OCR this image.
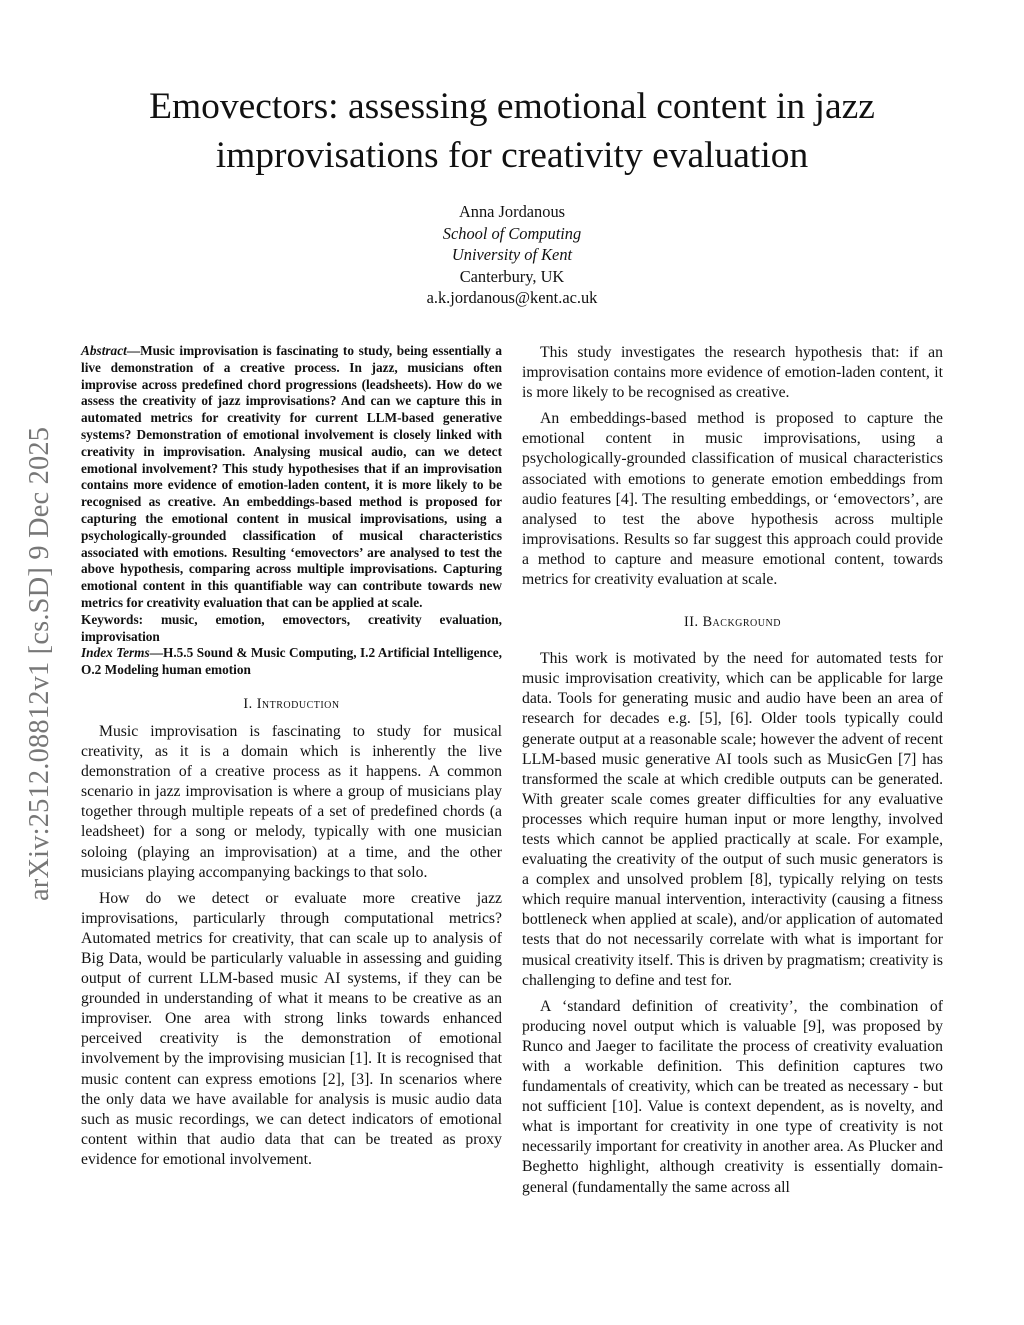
arXiv:2512.08812v1 [cs.SD] 9 Dec 2025
Emovectors: assessing emotional content in jazz
improvisations for creativity evaluation
Anna Jordanous
School of Computing
University of Kent
Canterbury, UK
a.k.jordanous@kent.ac.uk

Abstract—Music improvisation is fascinating to study, being essentially a live demonstration of a creative process. In jazz, musicians often improvise across predefined chord progressions (leadsheets). How do we assess the creativity of jazz improvisations? And can we capture this in automated metrics for creativity for current LLM-based generative systems? Demonstration of emotional involvement is closely linked with creativity in improvisation. Analysing musical audio, can we detect emotional involvement? This study hypothesises that if an improvisation contains more evidence of emotion-laden content, it is more likely to be recognised as creative. An embeddings-based method is proposed for capturing the emotional content in musical improvisations, using a psychologically-grounded classification of musical characteristics associated with emotions. Resulting ‘emovectors’ are analysed to test the above hypothesis, comparing across multiple improvisations. Capturing emotional content in this quantifiable way can contribute towards new metrics for creativity evaluation that can be applied at scale.

Keywords: music, emotion, emovectors, creativity evaluation, improvisation

Index Terms—H.5.5 Sound & Music Computing, I.2 Artificial Intelligence, O.2 Modeling human emotion

I. Introduction

Music improvisation is fascinating to study for musical creativity, as it is a domain which is inherently the live demonstration of a creative process as it happens. A common scenario in jazz improvisation is where a group of musicians play together through multiple repeats of a set of predefined chords (a leadsheet) for a song or melody, typically with one musician soloing (playing an improvisation) at a time, and the other musicians playing accompanying backings to that solo.

How do we detect or evaluate more creative jazz improvisations, particularly through computational metrics? Automated metrics for creativity, that can scale up to analysis of Big Data, would be particularly valuable in assessing and guiding output of current LLM-based music AI systems, if they can be grounded in understanding of what it means to be creative as an improviser. One area with strong links towards enhanced perceived creativity is the demonstration of emotional involvement by the improvising musician [1]. It is recognised that music content can express emotions [2], [3]. In scenarios where the only data we have available for analysis is music audio data such as music recordings, we can detect indicators of emotional content within that audio data that can be treated as proxy evidence for emotional involvement.

This study investigates the research hypothesis that: if an improvisation contains more evidence of emotion-laden content, it is more likely to be recognised as creative.

An embeddings-based method is proposed to capture the emotional content in music improvisations, using a psychologically-grounded classification of musical characteristics associated with emotions to generate emotion embeddings from audio features [4]. The resulting embeddings, or ‘emovectors’, are analysed to test the above hypothesis across multiple improvisations. Results so far suggest this approach could provide a method to capture and measure emotional content, towards metrics for creativity evaluation at scale.

II. Background

This work is motivated by the need for automated tests for music improvisation creativity, which can be applicable for large data. Tools for generating music and audio have been an area of research for decades e.g. [5], [6]. Older tools typically could generate output at a reasonable scale; however the advent of recent LLM-based music generative AI tools such as MusicGen [7] has transformed the scale at which credible outputs can be generated. With greater scale comes greater difficulties for any evaluative processes which require human input or more lengthy, involved tests which cannot be applied practically at scale. For example, evaluating the creativity of the output of such music generators is a complex and unsolved problem [8], typically relying on tests which require manual intervention, interactivity (causing a fitness bottleneck when applied at scale), and/or application of automated tests that do not necessarily correlate with what is important for musical creativity itself. This is driven by pragmatism; creativity is challenging to define and test for.

A ‘standard definition of creativity’, the combination of producing novel output which is valuable [9], was proposed by Runco and Jaeger to facilitate the process of creativity evaluation with a workable definition. This definition captures two fundamentals of creativity, which can be treated as necessary - but not sufficient [10]. Value is context dependent, as is novelty, and what is important for creativity in one type of creativity is not necessarily important for creativity in another area. As Plucker and Beghetto highlight, although creativity is essentially domain-general (fundamentally the same across all
